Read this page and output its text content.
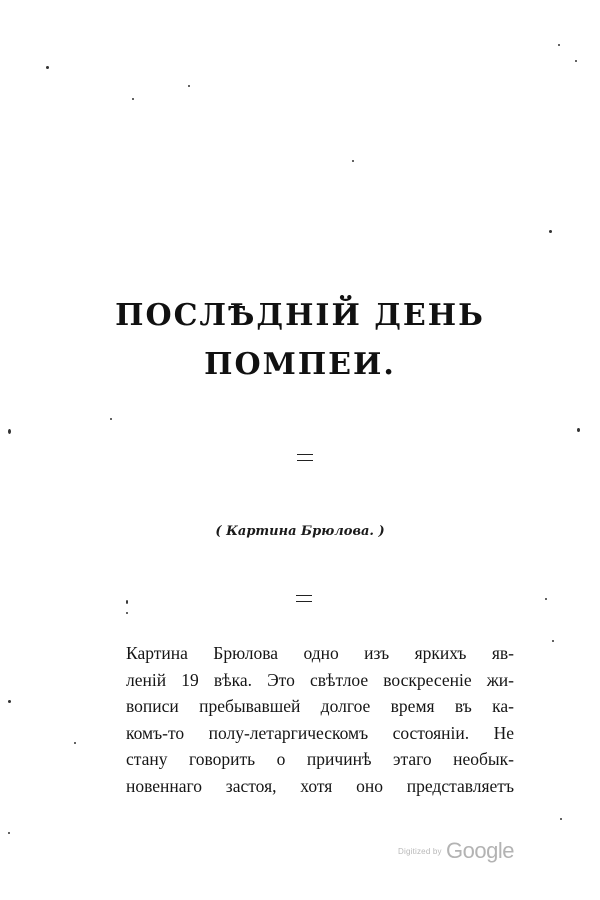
ПОСЛѢДНІЙ ДЕНЬ
ПОМПЕИ.
( Картина Брюлова. )
Картина Брюлова одно изъ яркихъ яв-
леній 19 вѣка. Это свѣтлое воскресеніе жи-
вописи пребывавшей долгое время въ ка-
комъ-то полу-летаргическомъ состояніи. Не
стану говорить о причинѣ этаго необык-
новеннаго застоя, хотя оно представляетъ
Digitized by Google
